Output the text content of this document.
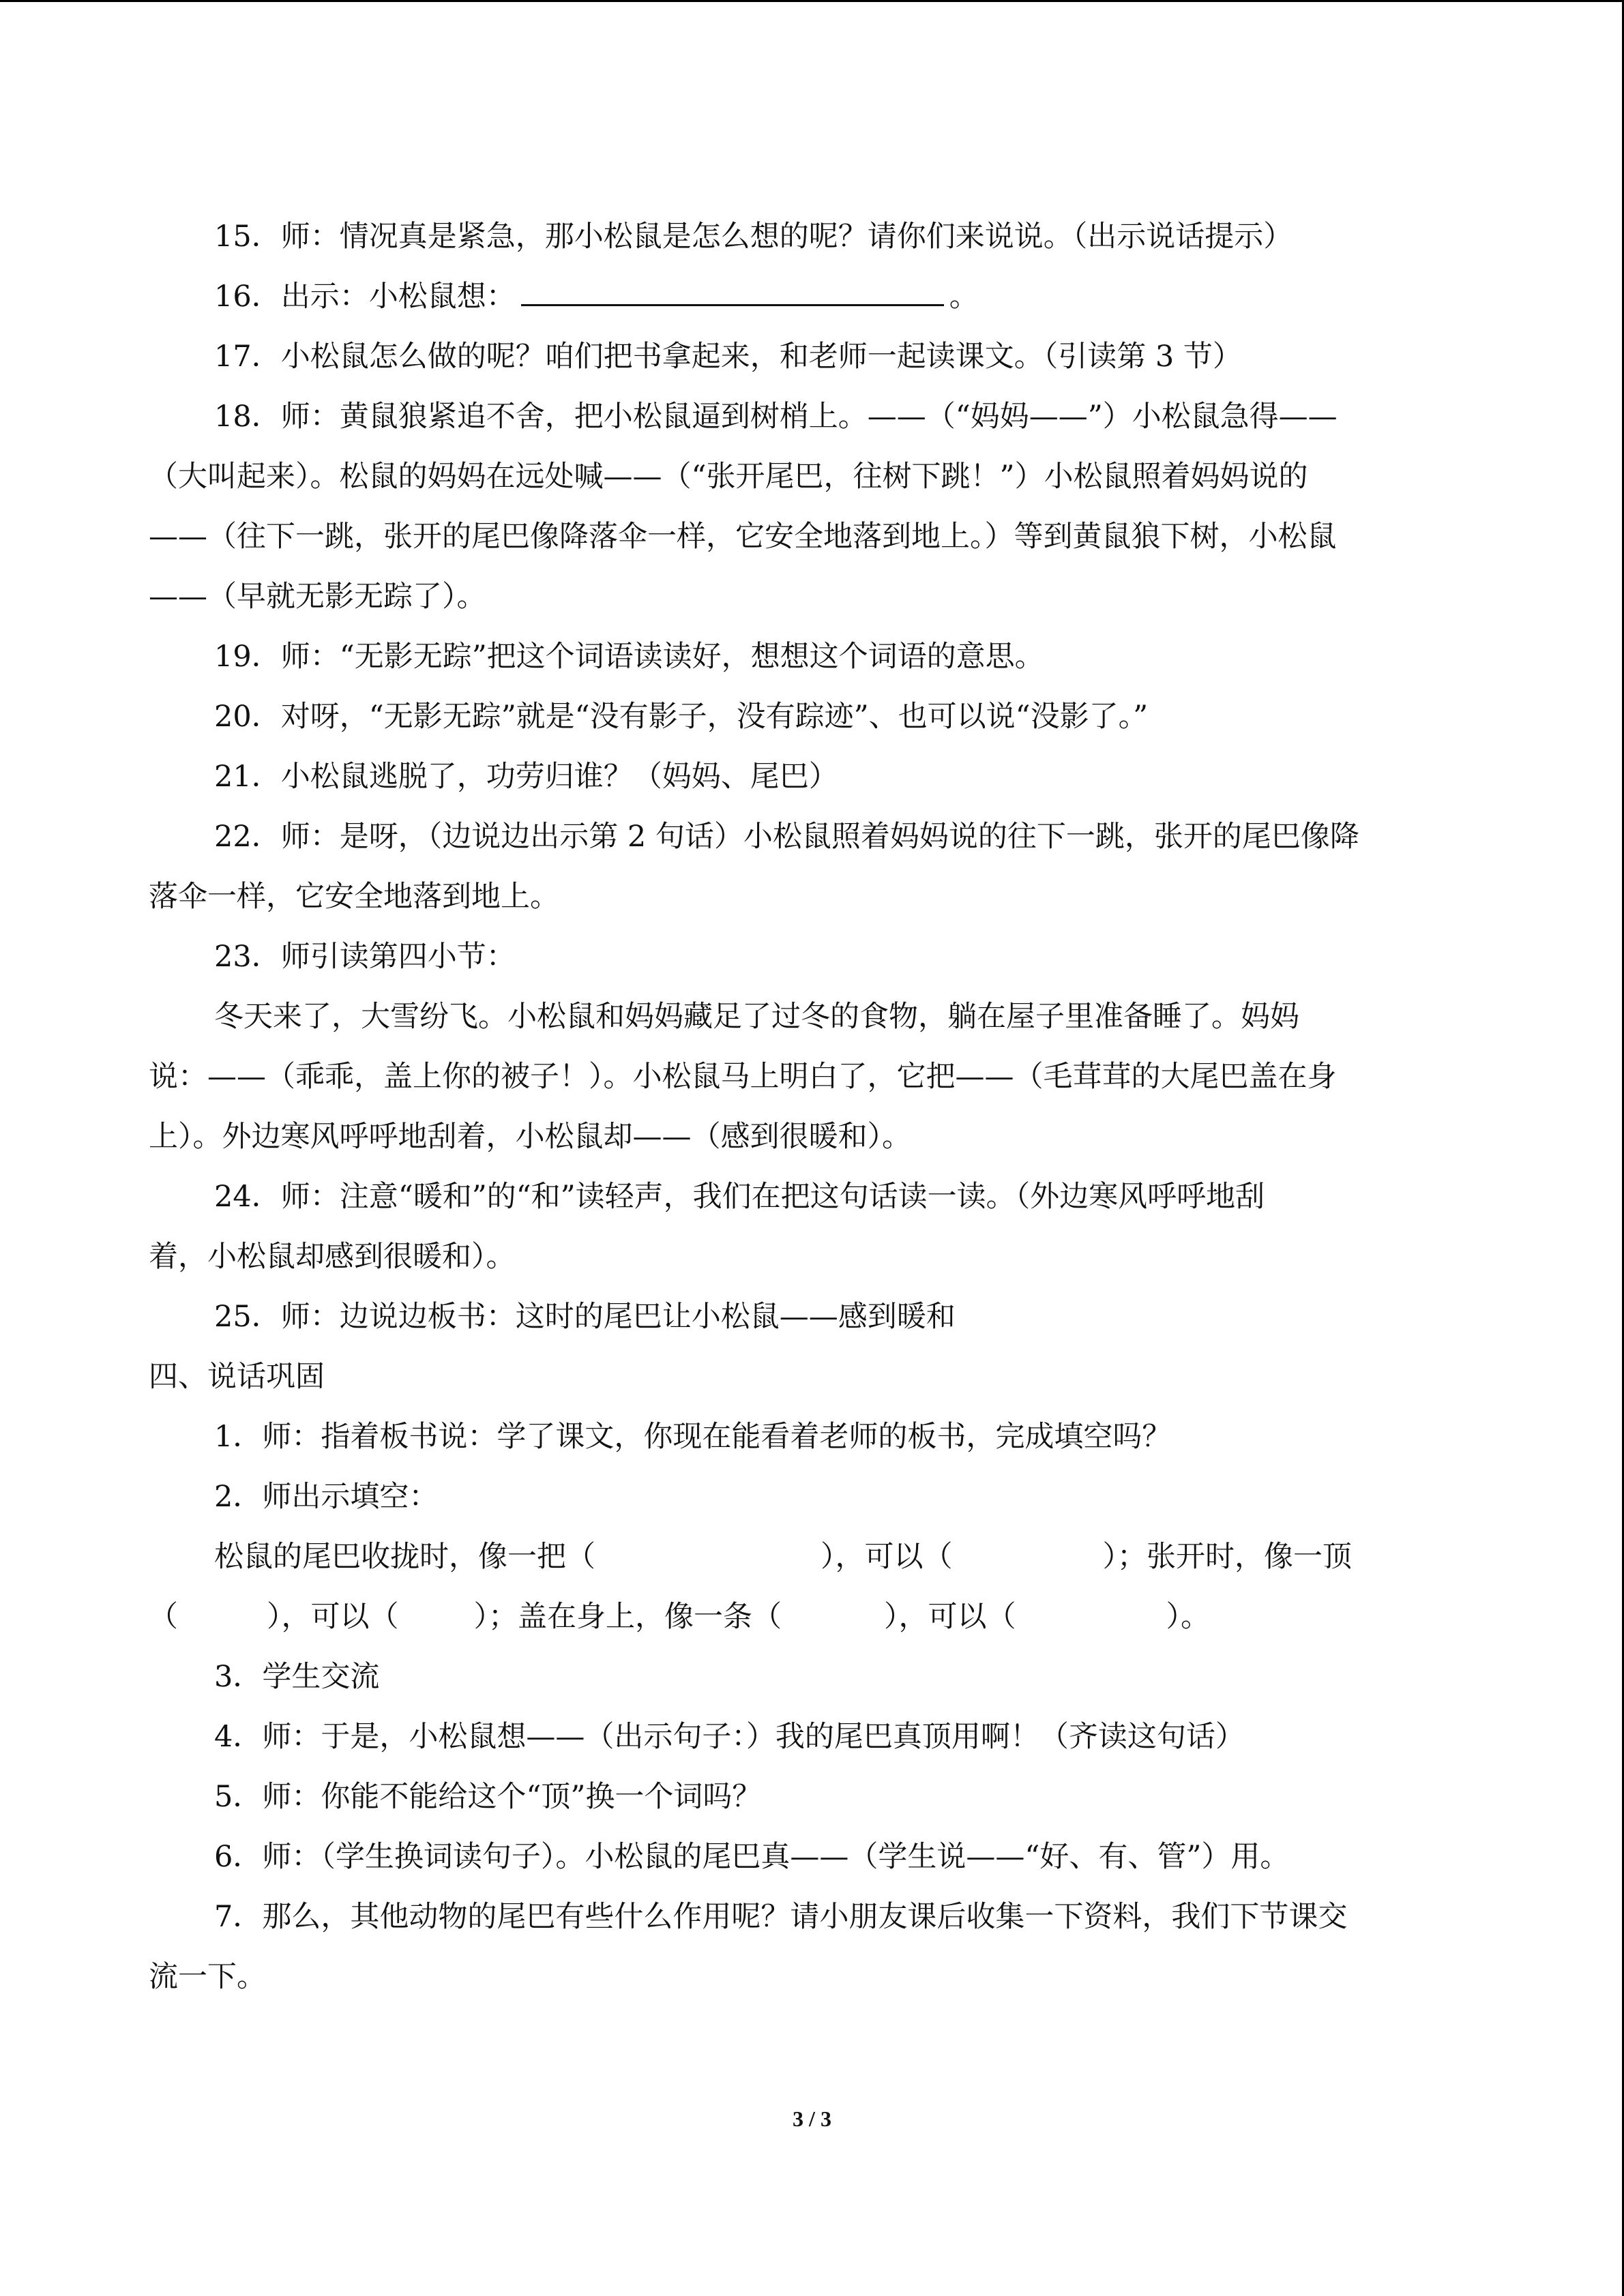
15．师：情况真是紧急，那小松鼠是怎么想的呢？请你们来说说。（出示说话提示）

16．出示：小松鼠想：	。

17．小松鼠怎么做的呢？咱们把书拿起来，和老师一起读课文。（引读第 3 节）

18．师：黄鼠狼紧追不舍，把小松鼠逼到树梢上。——（“妈妈——”）小松鼠急得——

（大叫起来）。松鼠的妈妈在远处喊——（“张开尾巴，往树下跳！”）小松鼠照着妈妈说的

——（往下一跳，张开的尾巴像降落伞一样，它安全地落到地上。）等到黄鼠狼下树，小松鼠

——（早就无影无踪了）。

19．师：“无影无踪”把这个词语读读好，想想这个词语的意思。

20．对呀，“无影无踪”就是“没有影子，没有踪迹”、也可以说“没影了。”

21．小松鼠逃脱了，功劳归谁？（妈妈、尾巴）

22．师：是呀，（边说边出示第 2 句话）小松鼠照着妈妈说的往下一跳，张开的尾巴像降

落伞一样，它安全地落到地上。

23．师引读第四小节：

冬天来了，大雪纷飞。小松鼠和妈妈藏足了过冬的食物，躺在屋子里准备睡了。妈妈

说：——（乖乖，盖上你的被子！）。小松鼠马上明白了，它把——（毛茸茸的大尾巴盖在身

上）。外边寒风呼呼地刮着，小松鼠却——（感到很暖和）。

24．师：注意“暖和”的“和”读轻声，我们在把这句话读一读。（外边寒风呼呼地刮

着，小松鼠却感到很暖和）。

25．师：边说边板书：这时的尾巴让小松鼠——感到暖和

四、说话巩固

1．师：指着板书说：学了课文，你现在能看着老师的板书，完成填空吗？

2．师出示填空：

松鼠的尾巴收拢时，像一把（	），可以（	）；张开时，像一顶

（	），可以（	）；盖在身上，像一条（	），可以（	）。

3．学生交流

4．师：于是，小松鼠想——（出示句子：）我的尾巴真顶用啊！（齐读这句话）

5．师：你能不能给这个“顶”换一个词吗？

6．师：（学生换词读句子）。小松鼠的尾巴真——（学生说——“好、有、管”）用。

7．那么，其他动物的尾巴有些什么作用呢？请小朋友课后收集一下资料，我们下节课交

流一下。

3 / 3
